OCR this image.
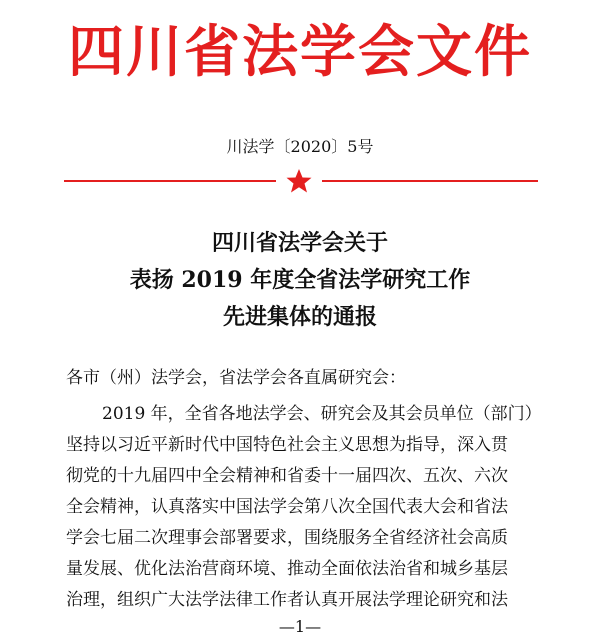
四川省法学会文件
川法学〔2020〕5号
四川省法学会关于
表扬 2019 年度全省法学研究工作
先进集体的通报
各市（州）法学会，省法学会各直属研究会：
2019 年，全省各地法学会、研究会及其会员单位（部门）
坚持以习近平新时代中国特色社会主义思想为指导，深入贯
彻党的十九届四中全会精神和省委十一届四次、五次、六次
全会精神，认真落实中国法学会第八次全国代表大会和省法
学会七届二次理事会部署要求，围绕服务全省经济社会高质
量发展、优化法治营商环境、推动全面依法治省和城乡基层
治理，组织广大法学法律工作者认真开展法学理论研究和法
—1—
